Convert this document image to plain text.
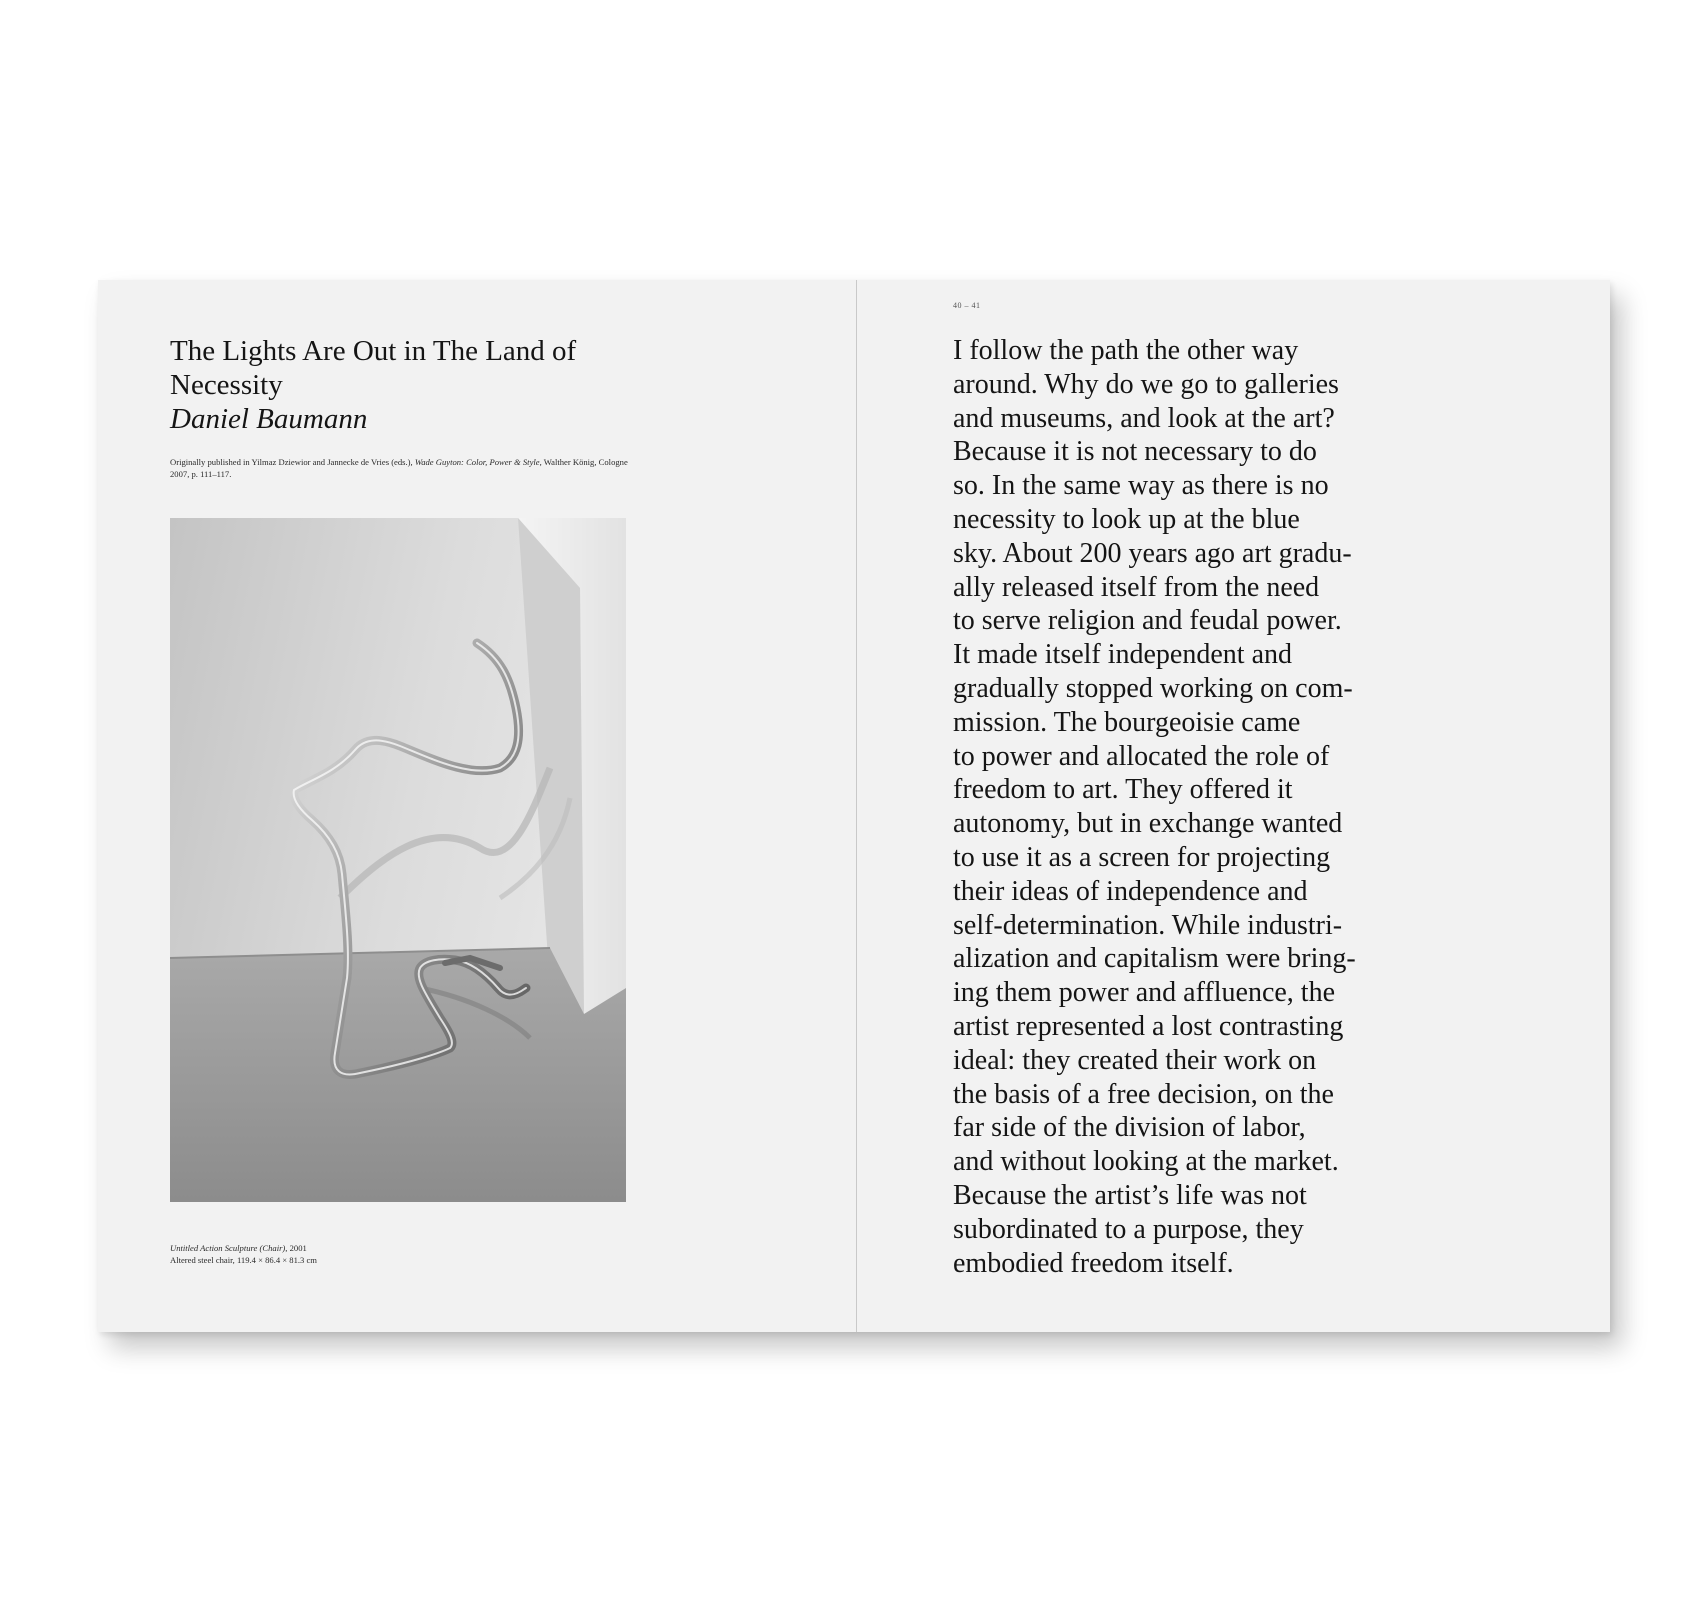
The Lights Are Out in The Land of Necessity
Daniel Baumann

Originally published in Yilmaz Dziewior and Jannecke de Vries (eds.), Wade Guyton: Color, Power & Style, Walther König, Cologne 2007, p. 111–117.

Untitled Action Sculpture (Chair), 2001
Altered steel chair, 119.4 × 86.4 × 81.3 cm
40 – 41

I follow the path the other way
around. Why do we go to galleries
and museums, and look at the art?
Because it is not necessary to do
so. In the same way as there is no
necessity to look up at the blue
sky. About 200 years ago art gradu-
ally released itself from the need
to serve religion and feudal power.
It made itself independent and
gradually stopped working on com-
mission. The bourgeoisie came
to power and allocated the role of
freedom to art. They offered it
autonomy, but in exchange wanted
to use it as a screen for projecting
their ideas of independence and
self-determination. While industri-
alization and capitalism were bring-
ing them power and affluence, the
artist represented a lost contrasting
ideal: they created their work on
the basis of a free decision, on the
far side of the division of labor,
and without looking at the market.
Because the artist’s life was not
subordinated to a purpose, they
embodied freedom itself.
